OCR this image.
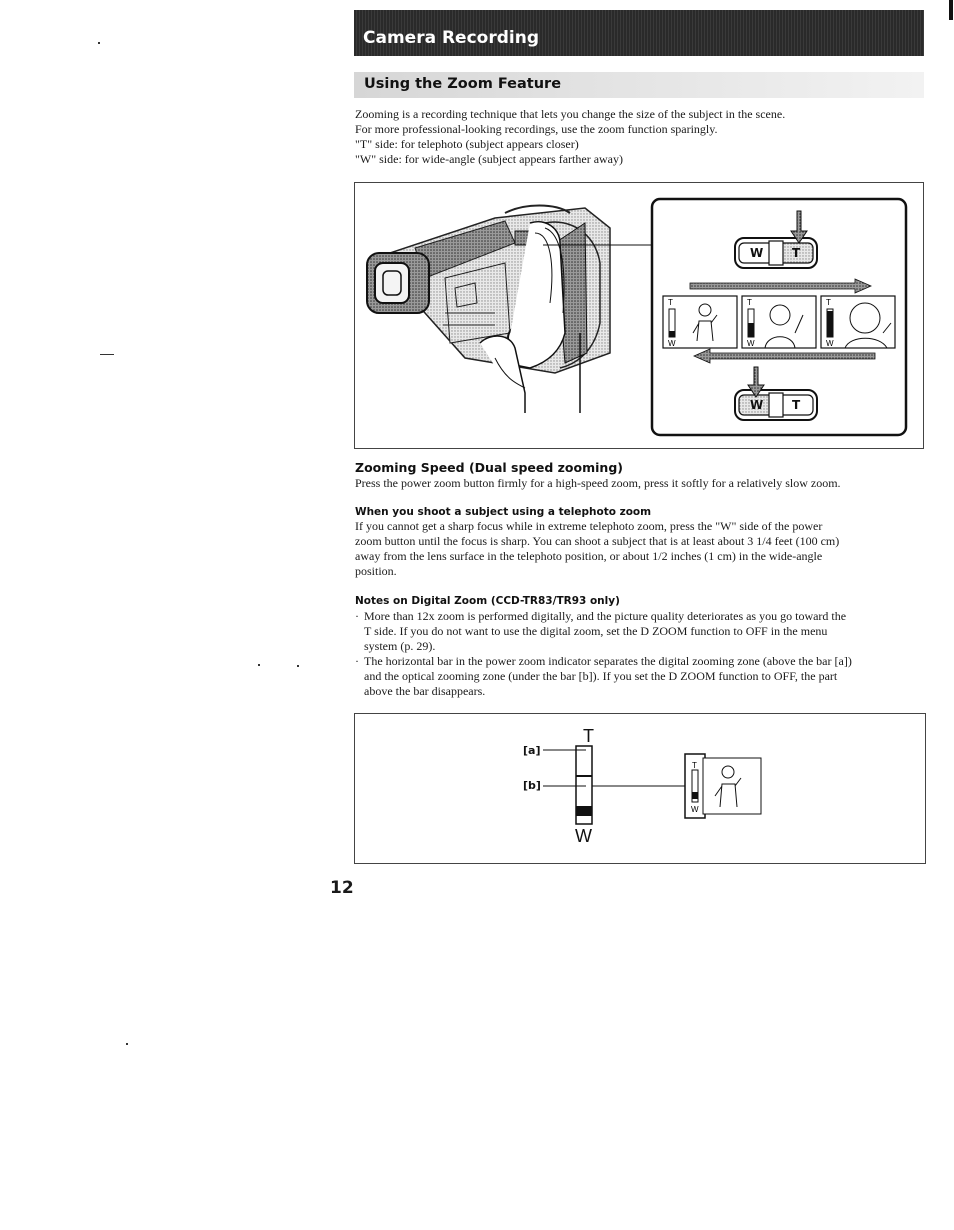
Camera Recording
Using the Zoom Feature
Zooming is a recording technique that lets you change the size of the subject in the scene.
For more professional-looking recordings, use the zoom function sparingly.
"T" side: for telephoto (subject appears closer)
"W" side: for wide-angle (subject appears farther away)
W T
T
W
T
W
T
W
W T
Zooming Speed (Dual speed zooming)
Press the power zoom button firmly for a high-speed zoom, press it softly for a relatively slow zoom.
When you shoot a subject using a telephoto zoom
If you cannot get a sharp focus while in extreme telephoto zoom, press the "W" side of the power
zoom button until the focus is sharp. You can shoot a subject that is at least about 3 1/4 feet (100 cm)
away from the lens surface in the telephoto position, or about 1/2 inches (1 cm) in the wide-angle
position.
Notes on Digital Zoom (CCD-TR83/TR93 only)
· More than 12x zoom is performed digitally, and the picture quality deteriorates as you go toward the
T side. If you do not want to use the digital zoom, set the D ZOOM function to OFF in the menu
system (p. 29).
· The horizontal bar in the power zoom indicator separates the digital zooming zone (above the bar [a])
and the optical zooming zone (under the bar [b]). If you set the D ZOOM function to OFF, the part
above the bar disappears.
T
W
[a]
[b]
T
W
12
